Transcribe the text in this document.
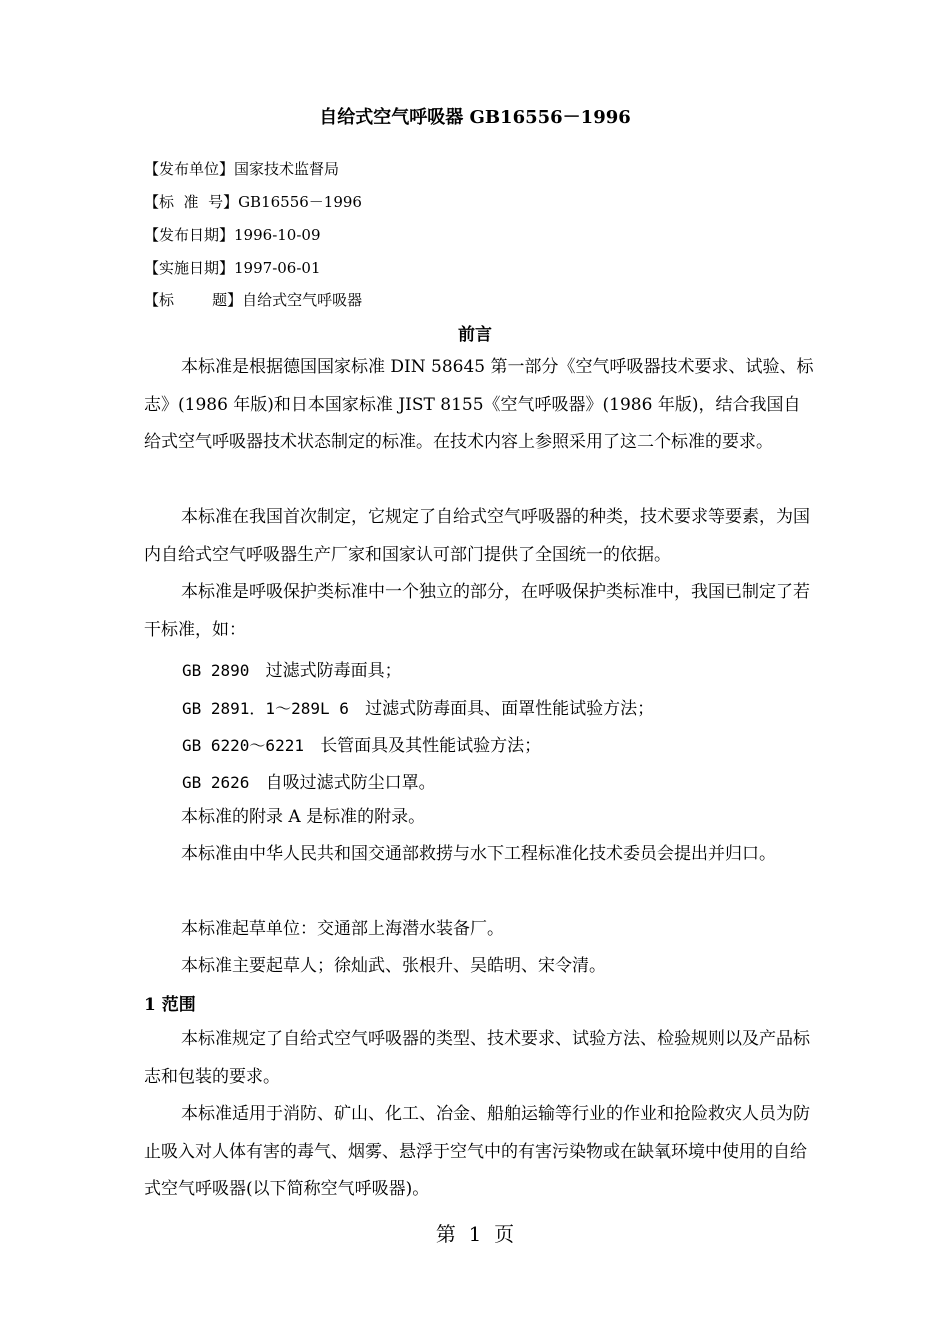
自给式空气呼吸器 GB16556－1996
【发布单位】国家技术监督局
【标  准  号】GB16556－1996
【发布日期】1996-10-09
【实施日期】1997-06-01
【标        题】自给式空气呼吸器
前言
本标准是根据德国国家标准 DIN 58645 第一部分《空气呼吸器技术要求、试验、标志》(1986 年版)和日本国家标准 JIST 8155《空气呼吸器》(1986 年版)，结合我国自给式空气呼吸器技术状态制定的标准。在技术内容上参照采用了这二个标准的要求。
本标准在我国首次制定，它规定了自给式空气呼吸器的种类，技术要求等要素，为国内自给式空气呼吸器生产厂家和国家认可部门提供了全国统一的依据。
本标准是呼吸保护类标准中一个独立的部分，在呼吸保护类标准中，我国已制定了若干标准，如：
GB 2890 过滤式防毒面具；
GB 2891．1～289L 6 过滤式防毒面具、面罩性能试验方法；
GB 6220～6221 长管面具及其性能试验方法；
GB 2626 自吸过滤式防尘口罩。
本标准的附录 A 是标准的附录。
本标准由中华人民共和国交通部救捞与水下工程标准化技术委员会提出并归口。
本标准起草单位：交通部上海潜水装备厂。
本标准主要起草人；徐灿武、张根升、吴皓明、宋令清。
1 范围
本标准规定了自给式空气呼吸器的类型、技术要求、试验方法、检验规则以及产品标志和包装的要求。
本标准适用于消防、矿山、化工、冶金、船舶运输等行业的作业和抢险救灾人员为防止吸入对人体有害的毒气、烟雾、悬浮于空气中的有害污染物或在缺氧环境中使用的自给式空气呼吸器(以下简称空气呼吸器)。
第  1  页
